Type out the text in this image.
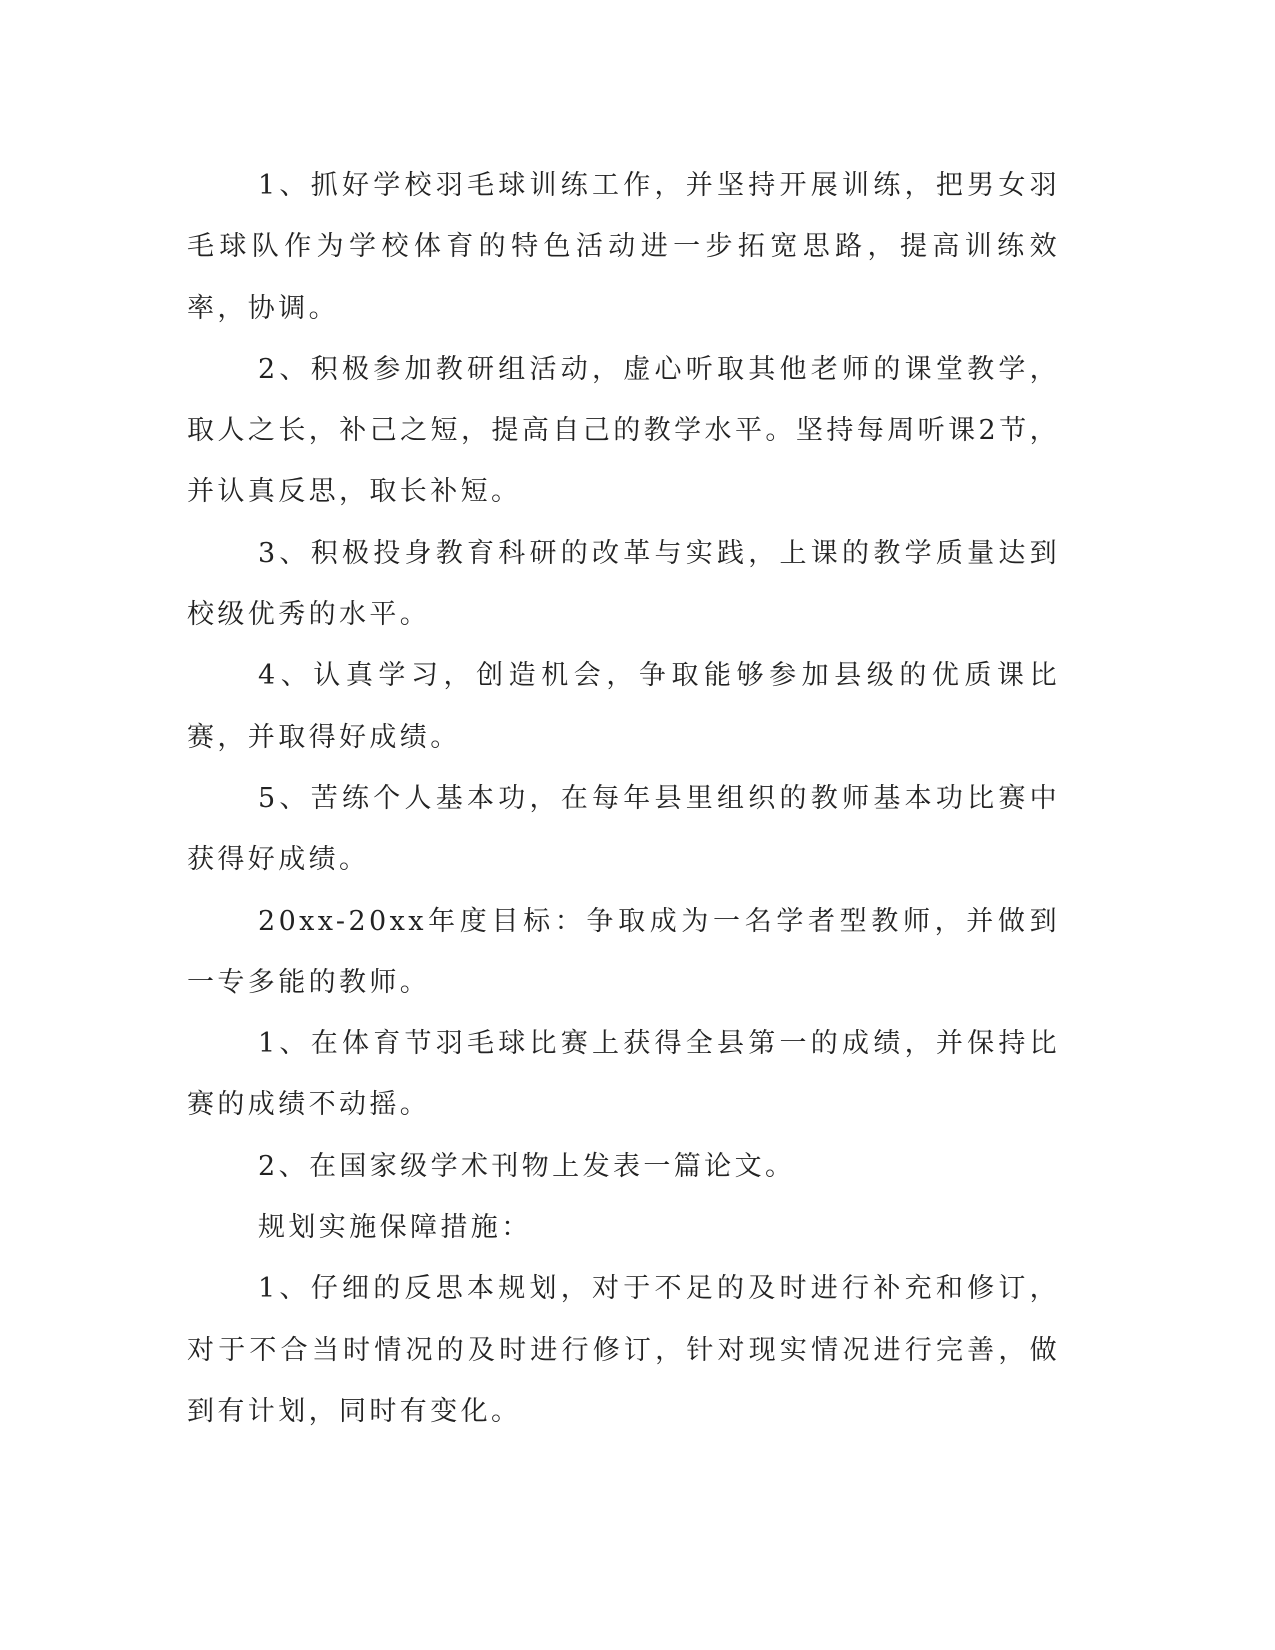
1、抓好学校羽毛球训练工作，并坚持开展训练，把男女羽毛球队作为学校体育的特色活动进一步拓宽思路，提高训练效率，协调。

2、积极参加教研组活动，虚心听取其他老师的课堂教学，取人之长，补己之短，提高自己的教学水平。坚持每周听课2节，并认真反思，取长补短。

3、积极投身教育科研的改革与实践，上课的教学质量达到校级优秀的水平。

4、认真学习，创造机会，争取能够参加县级的优质课比赛，并取得好成绩。

5、苦练个人基本功，在每年县里组织的教师基本功比赛中获得好成绩。

20xx-20xx年度目标：争取成为一名学者型教师，并做到一专多能的教师。

1、在体育节羽毛球比赛上获得全县第一的成绩，并保持比赛的成绩不动摇。

2、在国家级学术刊物上发表一篇论文。

规划实施保障措施：

1、仔细的反思本规划，对于不足的及时进行补充和修订，对于不合当时情况的及时进行修订，针对现实情况进行完善，做到有计划，同时有变化。
